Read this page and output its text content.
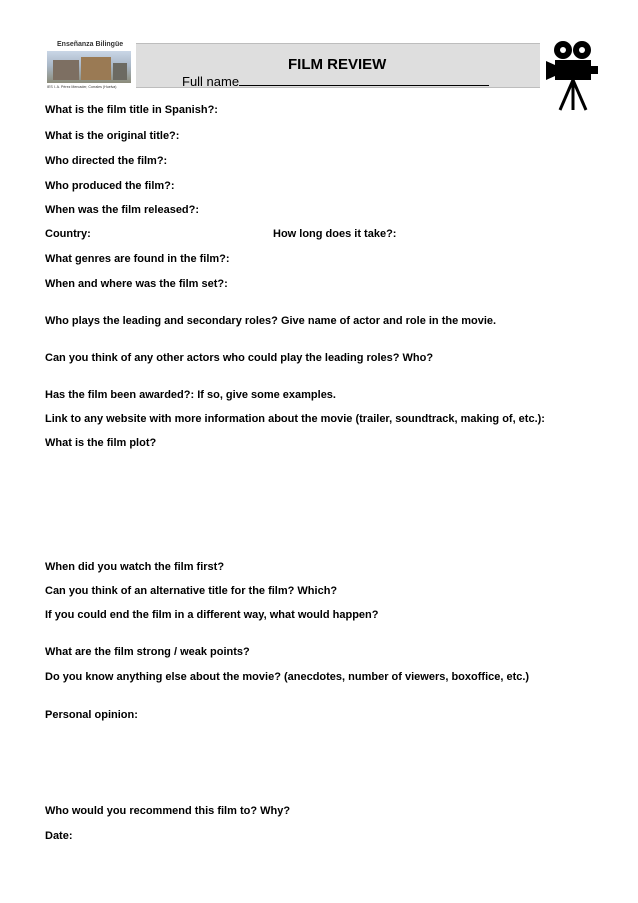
Enseñanza Bilingüe
IES I. A. Pérez Mercader, Corrales (Huelva)
FILM REVIEW
Full name
What is the film title in Spanish?:
What is the original title?:
Who directed the film?:
Who produced the film?:
When was the film released?:
Country:	How long does it take?:
What genres are found in the film?:
When and where was the film set?:
Who plays the leading and secondary roles? Give name of actor and role in the movie.
Can you think of any other actors who could play the leading roles? Who?
Has the film been awarded?: If so, give some examples.
Link to any website with more information about the movie (trailer, soundtrack, making of, etc.):
What is the film plot?
When did you watch the film first?
Can you think of an alternative title for the film? Which?
If you could end the film in a different way, what would happen?
What are the film strong / weak points?
Do you know anything else about the movie? (anecdotes, number of viewers, boxoffice, etc.)
Personal opinion:
Who would you recommend this film to? Why?
Date:
